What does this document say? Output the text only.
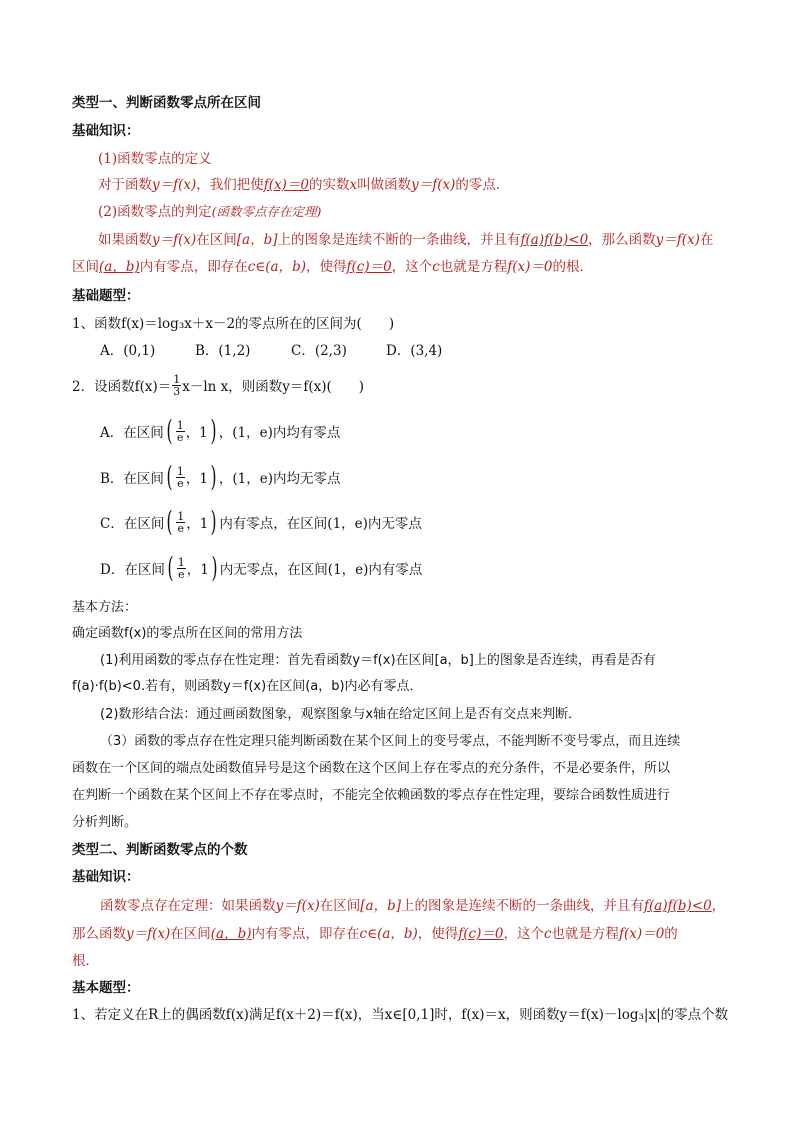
类型一、判断函数零点所在区间
基础知识：
(1)函数零点的定义
对于函数y＝f(x)，我们把使f(x)＝0的实数x叫做函数y＝f(x)的零点．
(2)函数零点的判定(函数零点存在定理)
如果函数y＝f(x)在区间[a，b]上的图象是连续不断的一条曲线，并且有f(a)f(b)<0，那么函数y＝f(x)在
区间(a，b)内有零点，即存在c∈(a，b)，使得f(c)＝0，这个c也就是方程f(x)＝0的根．
基础题型：
1、函数f(x)＝log₃x＋x－2的零点所在的区间为(　　)
A．(0,1)	B．(1,2)	C．(2,3)	D．(3,4)
2．设函数$f(x)= \frac{1}{3} x-\ln$ x，则函数y＝f(x)(　　)
A．在区间 ( $\frac{1}{e}$ ，1 ) ，(1，e)内均有零点
B．在区间 ( $\frac{1}{e}$ ，1 ) ，(1，e)内均无零点
C．在区间 ( $\frac{1}{e}$ ，1 ) 内有零点，在区间(1，e)内无零点
D．在区间 ( $\frac{1}{e}$ ，1 ) 内无零点，在区间(1，e)内有零点
基本方法：
确定函数f(x)的零点所在区间的常用方法
(1)利用函数的零点存在性定理：首先看函数y＝f(x)在区间[a，b]上的图象是否连续，再看是否有
f(a)·f(b)<0.若有，则函数y＝f(x)在区间(a，b)内必有零点．
(2)数形结合法：通过画函数图象，观察图象与x轴在给定区间上是否有交点来判断．
（3）函数的零点存在性定理只能判断函数在某个区间上的变号零点，不能判断不变号零点，而且连续
函数在一个区间的端点处函数值异号是这个函数在这个区间上存在零点的充分条件，不是必要条件，所以
在判断一个函数在某个区间上不存在零点时，不能完全依赖函数的零点存在性定理，要综合函数性质进行
分析判断。
类型二、判断函数零点的个数
基础知识：
函数零点存在定理：如果函数y＝f(x)在区间[a，b]上的图象是连续不断的一条曲线，并且有f(a)f(b)<0，
那么函数y＝f(x)在区间(a，b)内有零点，即存在c∈(a，b)，使得f(c)＝0，这个c也就是方程f(x)＝0的
根．
基本题型：
1、若定义在R上的偶函数f(x)满足f(x＋2)＝f(x)，当x∈[0,1]时，f(x)＝x，则函数y＝f(x)－log₃|x|的零点个数
